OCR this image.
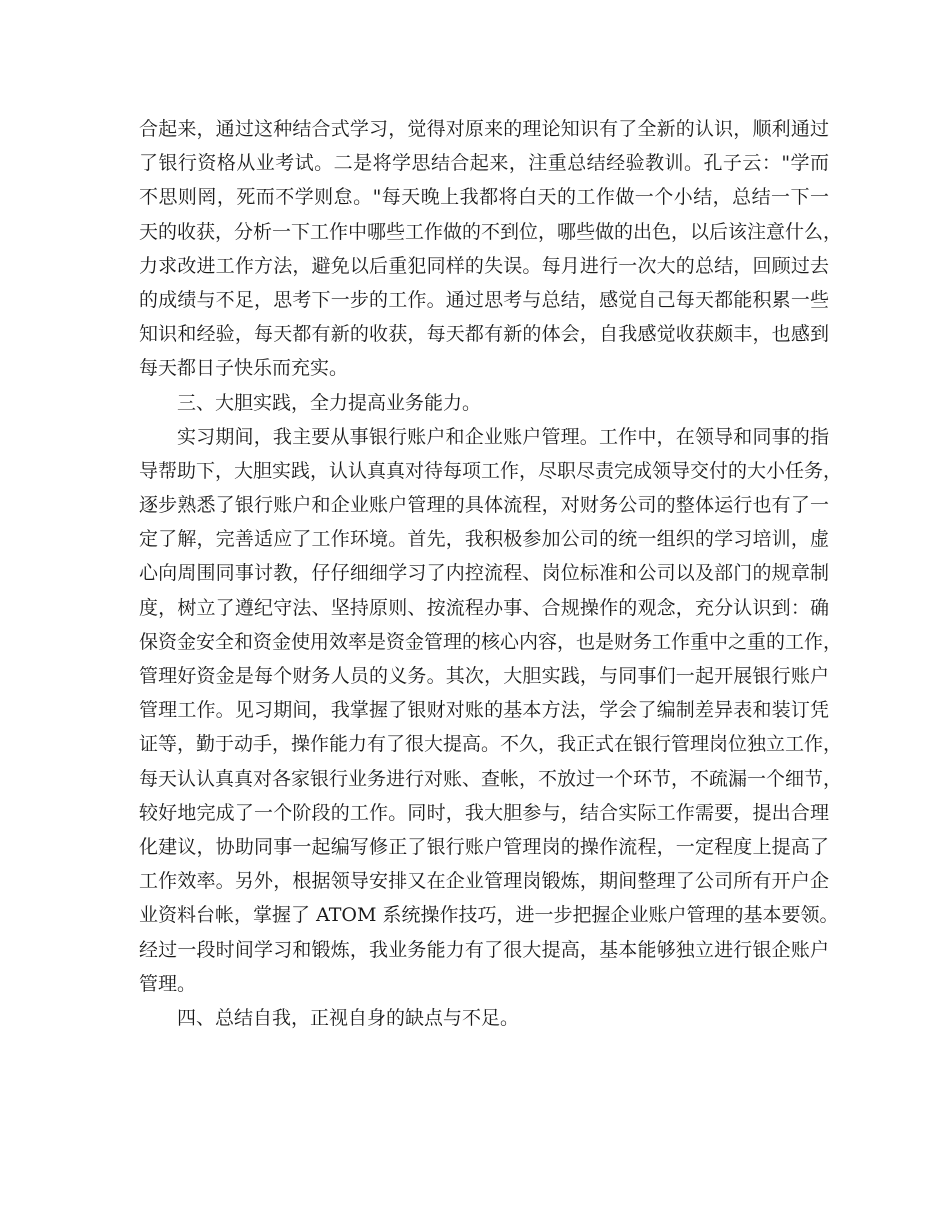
合起来，通过这种结合式学习，觉得对原来的理论知识有了全新的认识，顺利通过
了银行资格从业考试。二是将学思结合起来，注重总结经验教训。孔子云："学而
不思则罔，死而不学则怠。"每天晚上我都将白天的工作做一个小结，总结一下一
天的收获，分析一下工作中哪些工作做的不到位，哪些做的出色，以后该注意什么，
力求改进工作方法，避免以后重犯同样的失误。每月进行一次大的总结，回顾过去
的成绩与不足，思考下一步的工作。通过思考与总结，感觉自己每天都能积累一些
知识和经验，每天都有新的收获，每天都有新的体会，自我感觉收获颇丰，也感到
每天都日子快乐而充实。
三、大胆实践，全力提高业务能力。
实习期间，我主要从事银行账户和企业账户管理。工作中，在领导和同事的指
导帮助下，大胆实践，认认真真对待每项工作，尽职尽责完成领导交付的大小任务，
逐步熟悉了银行账户和企业账户管理的具体流程，对财务公司的整体运行也有了一
定了解，完善适应了工作环境。首先，我积极参加公司的统一组织的学习培训，虚
心向周围同事讨教，仔仔细细学习了内控流程、岗位标准和公司以及部门的规章制
度，树立了遵纪守法、坚持原则、按流程办事、合规操作的观念，充分认识到：确
保资金安全和资金使用效率是资金管理的核心内容，也是财务工作重中之重的工作，
管理好资金是每个财务人员的义务。其次，大胆实践，与同事们一起开展银行账户
管理工作。见习期间，我掌握了银财对账的基本方法，学会了编制差异表和装订凭
证等，勤于动手，操作能力有了很大提高。不久，我正式在银行管理岗位独立工作，
每天认认真真对各家银行业务进行对账、查帐，不放过一个环节，不疏漏一个细节，
较好地完成了一个阶段的工作。同时，我大胆参与，结合实际工作需要，提出合理
化建议，协助同事一起编写修正了银行账户管理岗的操作流程，一定程度上提高了
工作效率。另外，根据领导安排又在企业管理岗锻炼，期间整理了公司所有开户企
业资料台帐，掌握了 ATOM 系统操作技巧，进一步把握企业账户管理的基本要领。
经过一段时间学习和锻炼，我业务能力有了很大提高，基本能够独立进行银企账户
管理。
四、总结自我，正视自身的缺点与不足。
